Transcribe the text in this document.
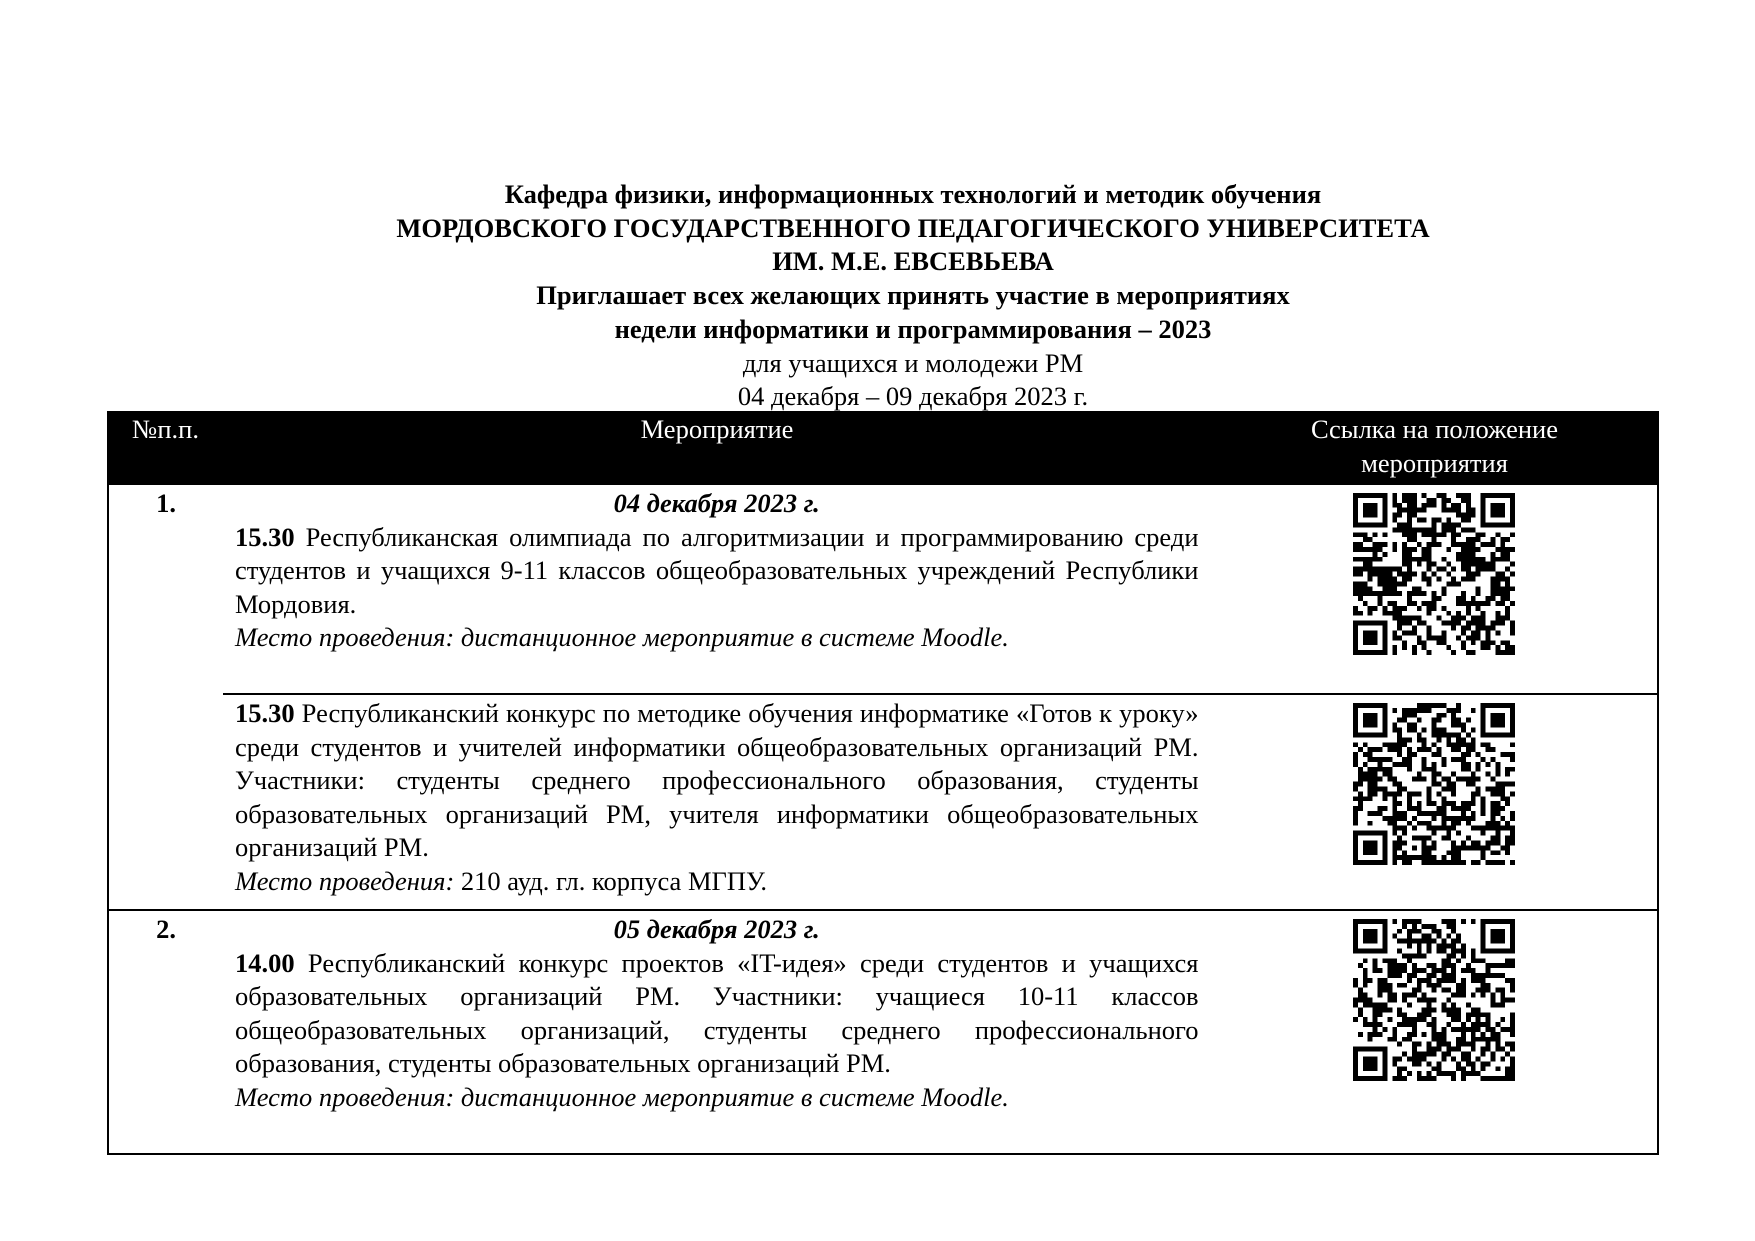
Кафедра физики, информационных технологий и методик обучения
МОРДОВСКОГО ГОСУДАРСТВЕННОГО ПЕДАГОГИЧЕСКОГО УНИВЕРСИТЕТА
ИМ. М.Е. ЕВСЕВЬЕВА
Приглашает всех желающих принять участие в мероприятиях
недели информатики и программирования – 2023
для учащихся и молодежи РМ
04 декабря – 09 декабря 2023 г.
№п.п.	Мероприятие	Ссылка на положение
мероприятия

1.	04 декабря 2023 г.
15.30 Республиканская олимпиада по алгоритмизации и программированию среди студентов и учащихся 9-11 классов общеобразовательных учреждений Республики Мордовия.
Место проведения: дистанционное мероприятие в системе Moodle.

	15.30 Республиканский конкурс по методике обучения информатике «Готов к уроку» среди студентов и учителей информатики общеобразовательных организаций РМ. Участники: студенты среднего профессионального образования, студенты образовательных организаций РМ, учителя информатики общеобразовательных организаций РМ.
Место проведения: 210 ауд. гл. корпуса МГПУ.

2.	05 декабря 2023 г.
14.00 Республиканский конкурс проектов «IT-идея» среди студентов и учащихся образовательных организаций РМ. Участники: учащиеся 10-11 классов общеобразовательных организаций, студенты среднего профессионального образования, студенты образовательных организаций РМ.
Место проведения: дистанционное мероприятие в системе Moodle.
